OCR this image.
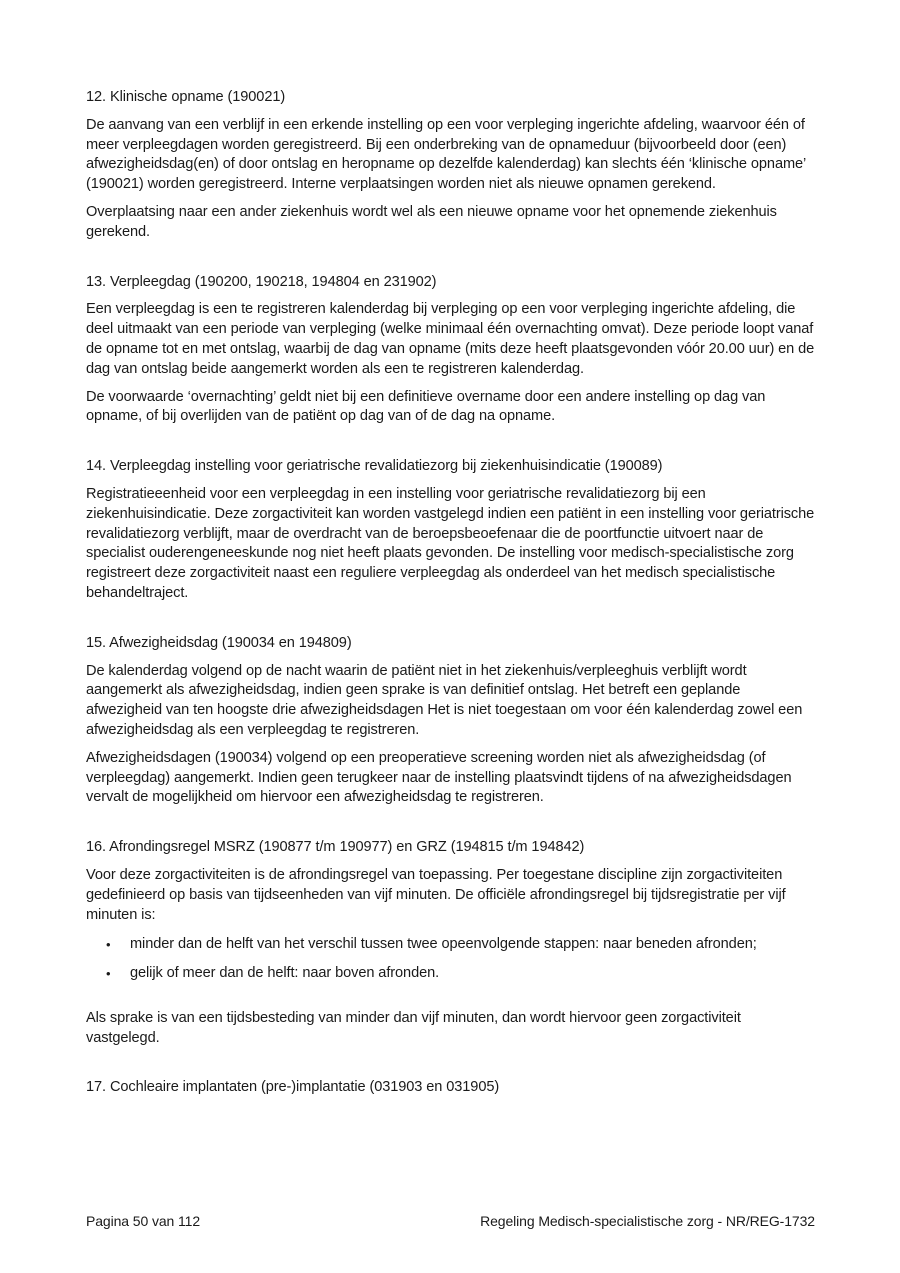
12. Klinische opname (190021)

De aanvang van een verblijf in een erkende instelling op een voor verpleging ingerichte afdeling, waarvoor één of meer verpleegdagen worden geregistreerd. Bij een onderbreking van de opnameduur (bijvoorbeeld door (een) afwezigheidsdag(en) of door ontslag en heropname op dezelfde kalenderdag) kan slechts één ‘klinische opname’ (190021) worden geregistreerd. Interne verplaatsingen worden niet als nieuwe opnamen gerekend.

Overplaatsing naar een ander ziekenhuis wordt wel als een nieuwe opname voor het opnemende ziekenhuis gerekend.

13. Verpleegdag (190200, 190218, 194804 en 231902)

Een verpleegdag is een te registreren kalenderdag bij verpleging op een voor verpleging ingerichte afdeling, die deel uitmaakt van een periode van verpleging (welke minimaal één overnachting omvat). Deze periode loopt vanaf de opname tot en met ontslag, waarbij de dag van opname (mits deze heeft plaatsgevonden vóór 20.00 uur) en de dag van ontslag beide aangemerkt worden als een te registreren kalenderdag.

De voorwaarde ‘overnachting’ geldt niet bij een definitieve overname door een andere instelling op dag van opname, of bij overlijden van de patiënt op dag van of de dag na opname.

14. Verpleegdag instelling voor geriatrische revalidatiezorg bij ziekenhuisindicatie (190089)

Registratieeenheid voor een verpleegdag in een instelling voor geriatrische revalidatiezorg bij een ziekenhuisindicatie. Deze zorgactiviteit kan worden vastgelegd indien een patiënt in een instelling voor geriatrische revalidatiezorg verblijft, maar de overdracht van de beroepsbeoefenaar die de poortfunctie uitvoert naar de specialist ouderengeneeskunde nog niet heeft plaats gevonden. De instelling voor medisch-specialistische zorg registreert deze zorgactiviteit naast een reguliere verpleegdag als onderdeel van het medisch specialistische behandeltraject.

15. Afwezigheidsdag (190034 en 194809)

De kalenderdag volgend op de nacht waarin de patiënt niet in het ziekenhuis/verpleeghuis verblijft wordt aangemerkt als afwezigheidsdag, indien geen sprake is van definitief ontslag. Het betreft een geplande afwezigheid van ten hoogste drie afwezigheidsdagen Het is niet toegestaan om voor één kalenderdag zowel een afwezigheidsdag als een verpleegdag te registreren.

Afwezigheidsdagen (190034) volgend op een preoperatieve screening worden niet als afwezigheidsdag (of verpleegdag) aangemerkt. Indien geen terugkeer naar de instelling plaatsvindt tijdens of na afwezigheidsdagen vervalt de mogelijkheid om hiervoor een afwezigheidsdag te registreren.

16. Afrondingsregel MSRZ (190877 t/m 190977) en GRZ (194815 t/m 194842)

Voor deze zorgactiviteiten is de afrondingsregel van toepassing. Per toegestane discipline zijn zorgactiviteiten gedefinieerd op basis van tijdseenheden van vijf minuten. De officiële afrondingsregel bij tijdsregistratie per vijf minuten is:

• minder dan de helft van het verschil tussen twee opeenvolgende stappen: naar beneden afronden;
• gelijk of meer dan de helft: naar boven afronden.

Als sprake is van een tijdsbesteding van minder dan vijf minuten, dan wordt hiervoor geen zorgactiviteit vastgelegd.

17. Cochleaire implantaten (pre-)implantatie (031903 en 031905)
Pagina 50 van 112	Regeling Medisch-specialistische zorg - NR/REG-1732
